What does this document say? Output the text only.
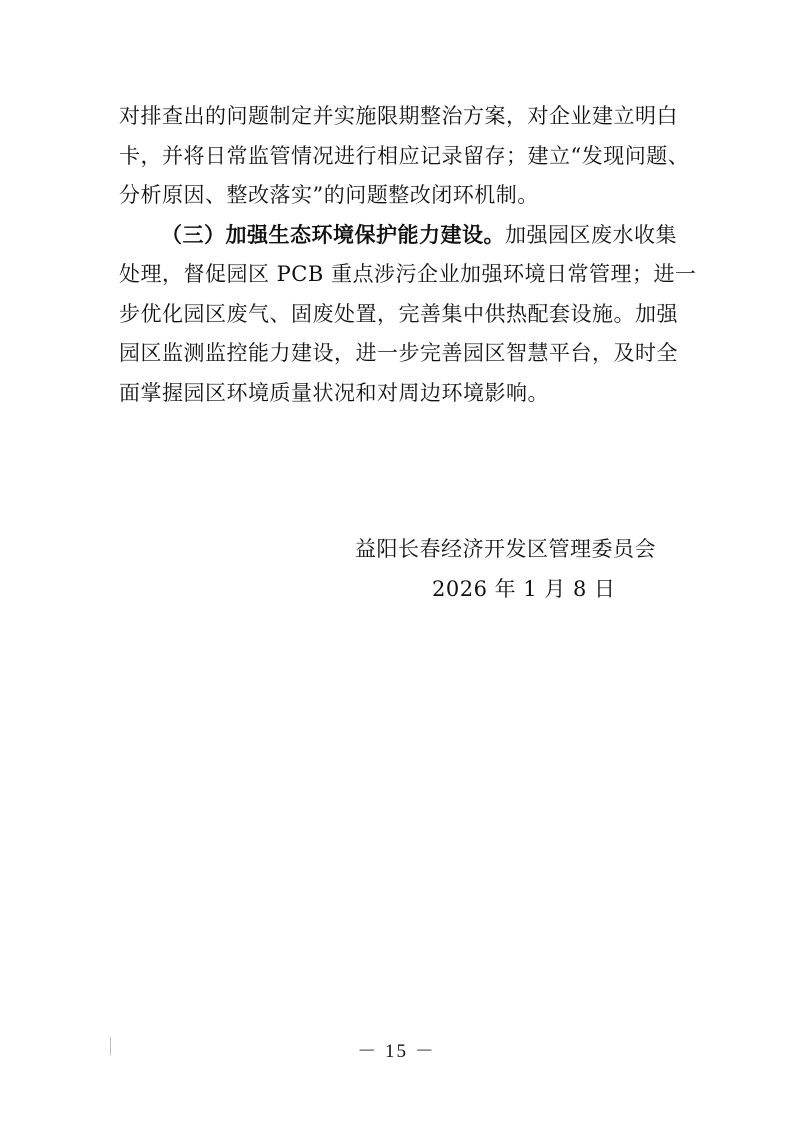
对排查出的问题制定并实施限期整治方案，对企业建立明白
卡，并将日常监管情况进行相应记录留存；建立“发现问题、
分析原因、整改落实”的问题整改闭环机制。
（三）加强生态环境保护能力建设。加强园区废水收集
处理，督促园区 PCB 重点涉污企业加强环境日常管理；进一
步优化园区废气、固废处置，完善集中供热配套设施。加强
园区监测监控能力建设，进一步完善园区智慧平台，及时全
面掌握园区环境质量状况和对周边环境影响。
益阳长春经济开发区管理委员会
2026 年 1 月 8 日
－ 15 －
